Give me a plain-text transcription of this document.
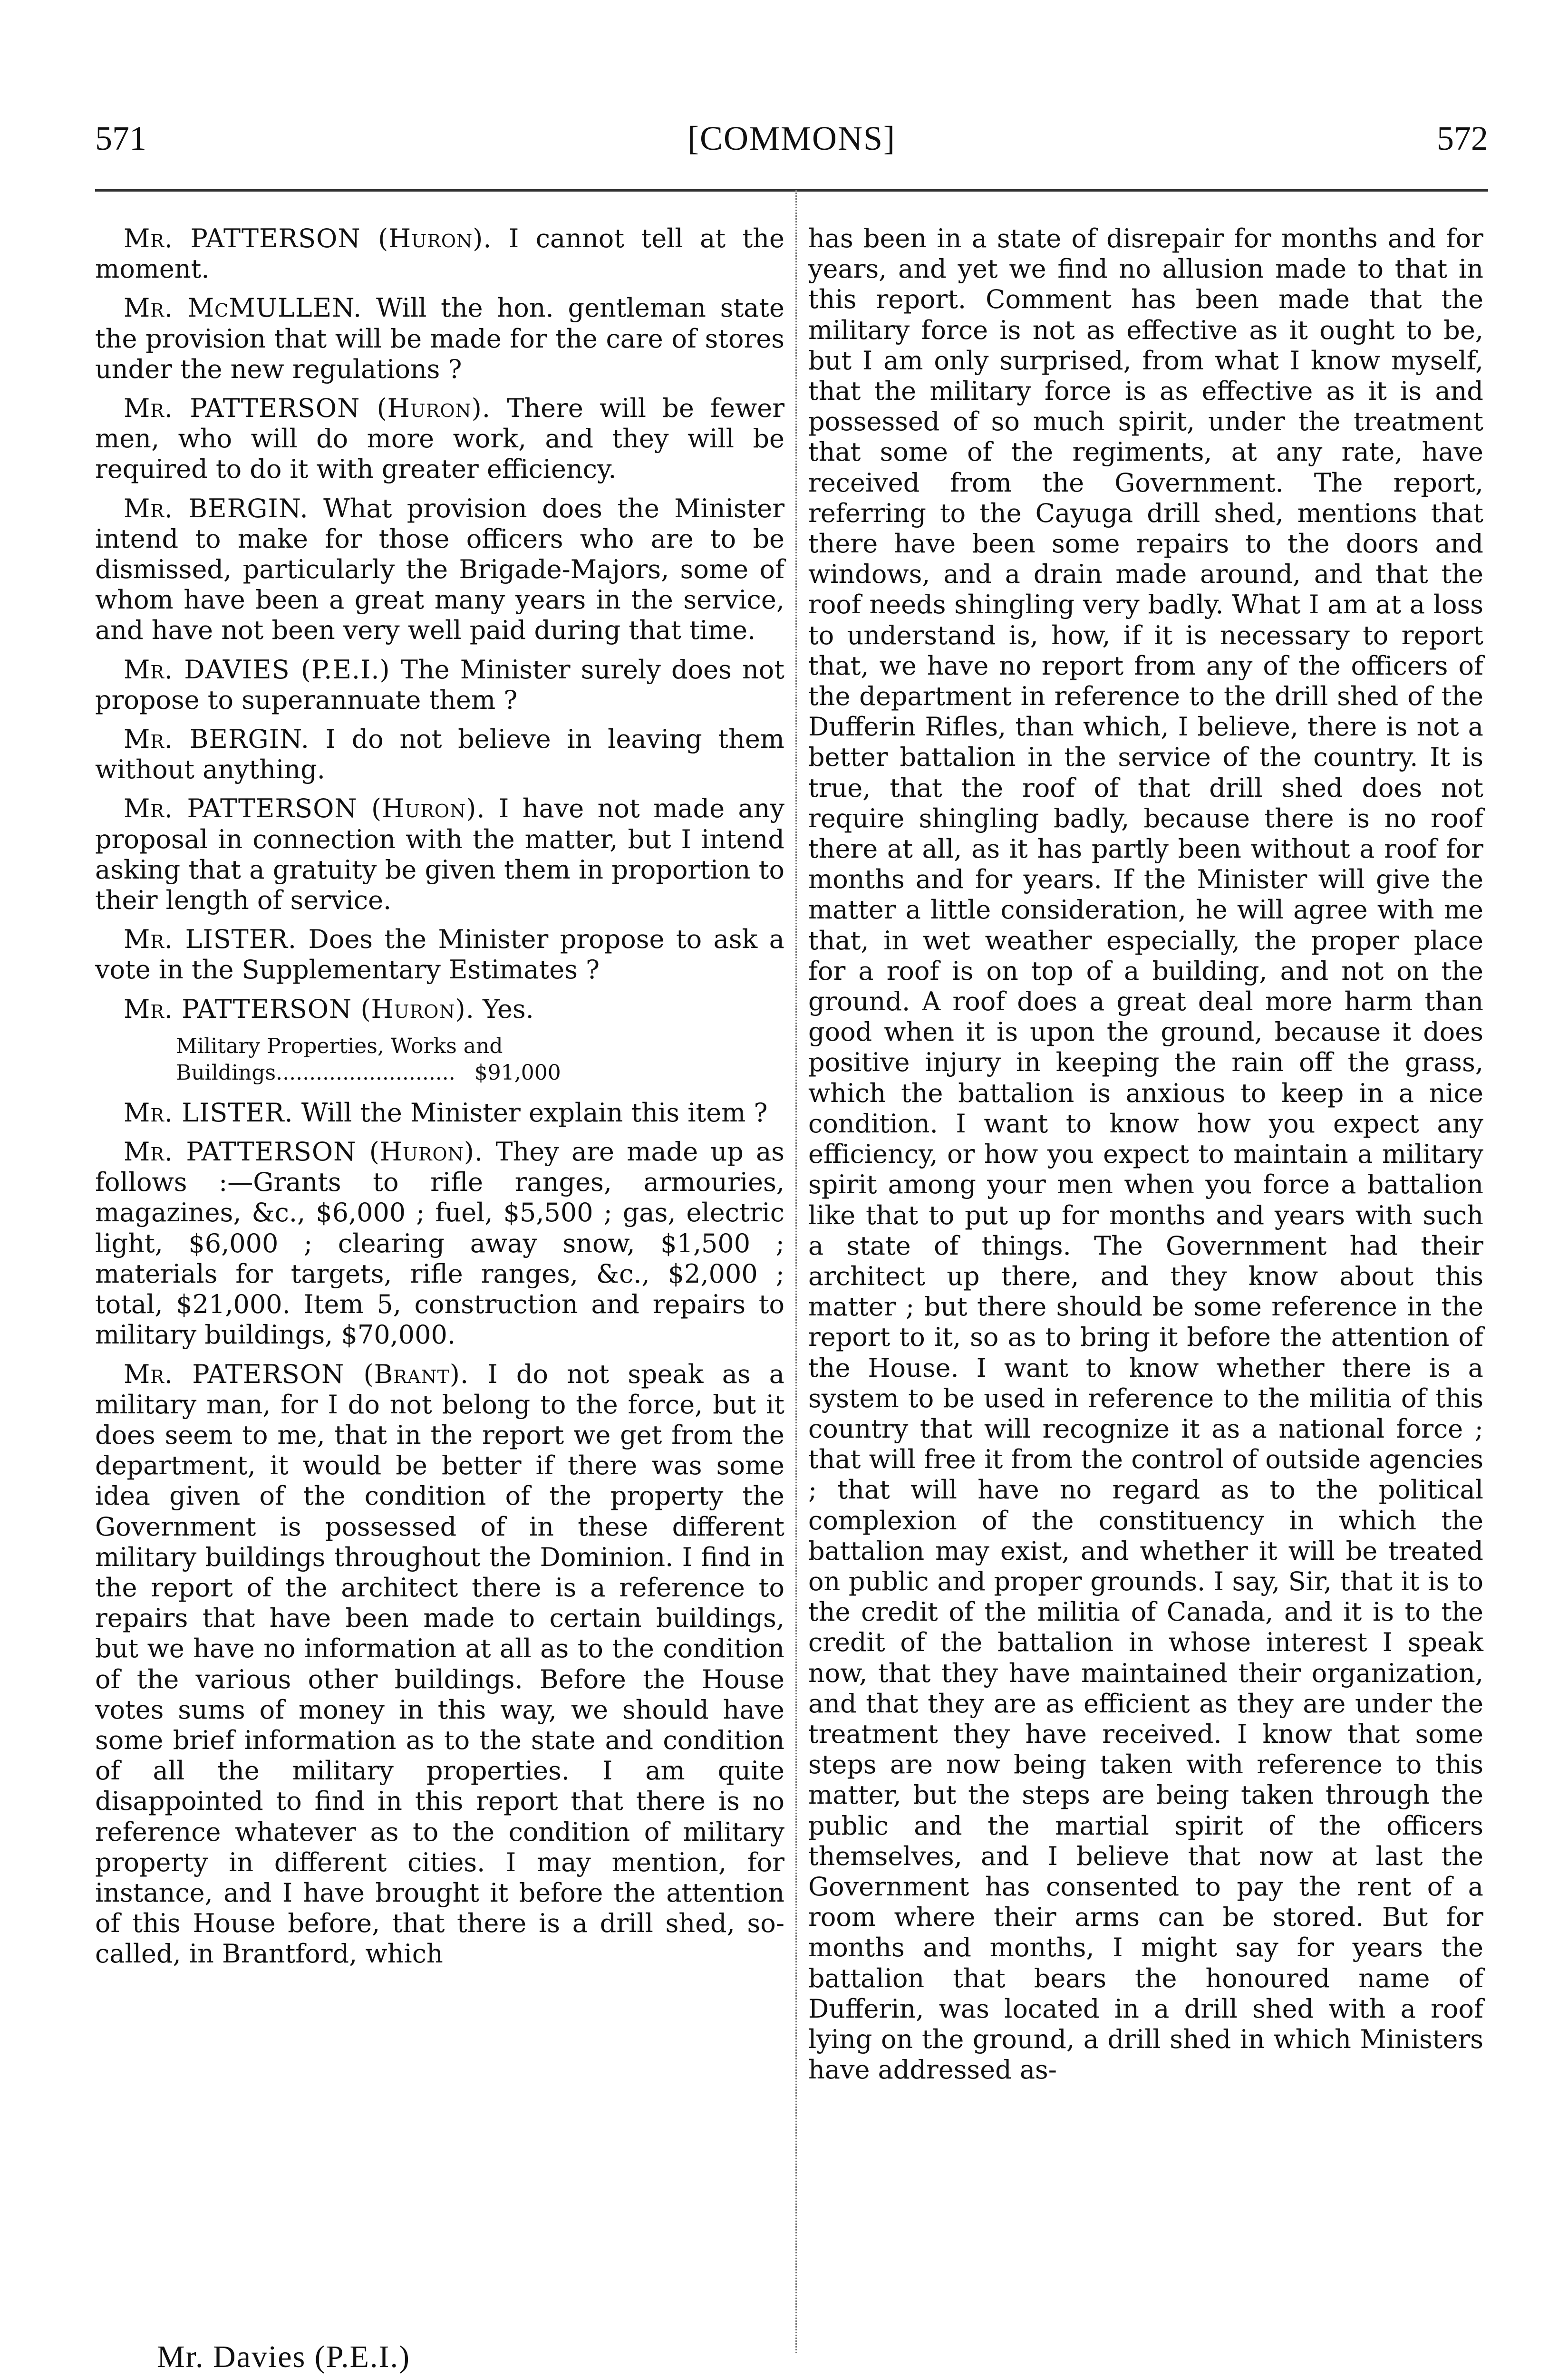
571	[COMMONS]	572

Mr. PATTERSON (Huron). I cannot tell at the moment.

Mr. McMULLEN. Will the hon. gentleman state the provision that will be made for the care of stores under the new regulations ?

Mr. PATTERSON (Huron). There will be fewer men, who will do more work, and they will be required to do it with greater efficiency.

Mr. BERGIN. What provision does the Minister intend to make for those officers who are to be dismissed, particularly the Brigade-Majors, some of whom have been a great many years in the service, and have not been very well paid during that time.

Mr. DAVIES (P.E.I.) The Minister surely does not propose to superannuate them ?

Mr. BERGIN. I do not believe in leaving them without anything.

Mr. PATTERSON (Huron). I have not made any proposal in connection with the matter, but I intend asking that a gratuity be given them in proportion to their length of service.

Mr. LISTER. Does the Minister propose to ask a vote in the Supplementary Estimates ?

Mr. PATTERSON (Huron). Yes.

Military Properties, Works and Buildings........................... $91,000

Mr. LISTER. Will the Minister explain this item ?

Mr. PATTERSON (Huron). They are made up as follows :—Grants to rifle ranges, armouries, magazines, &c., $6,000 ; fuel, $5,500 ; gas, electric light, $6,000 ; clearing away snow, $1,500 ; materials for targets, rifle ranges, &c., $2,000 ; total, $21,000. Item 5, construction and repairs to military buildings, $70,000.

Mr. PATERSON (Brant). I do not speak as a military man, for I do not belong to the force, but it does seem to me, that in the report we get from the department, it would be better if there was some idea given of the condition of the property the Government is possessed of in these different military buildings throughout the Dominion. I find in the report of the architect there is a reference to repairs that have been made to certain buildings, but we have no information at all as to the condition of the various other buildings. Before the House votes sums of money in this way, we should have some brief information as to the state and condition of all the military properties. I am quite disappointed to find in this report that there is no reference whatever as to the condition of military property in different cities. I may mention, for instance, and I have brought it before the attention of this House before, that there is a drill shed, so-called, in Brantford, which

has been in a state of disrepair for months and for years, and yet we find no allusion made to that in this report. Comment has been made that the military force is not as effective as it ought to be, but I am only surprised, from what I know myself, that the military force is as effective as it is and possessed of so much spirit, under the treatment that some of the regiments, at any rate, have received from the Government. The report, referring to the Cayuga drill shed, mentions that there have been some repairs to the doors and windows, and a drain made around, and that the roof needs shingling very badly. What I am at a loss to understand is, how, if it is necessary to report that, we have no report from any of the officers of the department in reference to the drill shed of the Dufferin Rifles, than which, I believe, there is not a better battalion in the service of the country. It is true, that the roof of that drill shed does not require shingling badly, because there is no roof there at all, as it has partly been without a roof for months and for years. If the Minister will give the matter a little consideration, he will agree with me that, in wet weather especially, the proper place for a roof is on top of a building, and not on the ground. A roof does a great deal more harm than good when it is upon the ground, because it does positive injury in keeping the rain off the grass, which the battalion is anxious to keep in a nice condition. I want to know how you expect any efficiency, or how you expect to maintain a military spirit among your men when you force a battalion like that to put up for months and years with such a state of things. The Government had their architect up there, and they know about this matter ; but there should be some reference in the report to it, so as to bring it before the attention of the House. I want to know whether there is a system to be used in reference to the militia of this country that will recognize it as a national force ; that will free it from the control of outside agencies ; that will have no regard as to the political complexion of the constituency in which the battalion may exist, and whether it will be treated on public and proper grounds. I say, Sir, that it is to the credit of the militia of Canada, and it is to the credit of the battalion in whose interest I speak now, that they have maintained their organization, and that they are as efficient as they are under the treatment they have received. I know that some steps are now being taken with reference to this matter, but the steps are being taken through the public and the martial spirit of the officers themselves, and I believe that now at last the Government has consented to pay the rent of a room where their arms can be stored. But for months and months, I might say for years the battalion that bears the honoured name of Dufferin, was located in a drill shed with a roof lying on the ground, a drill shed in which Ministers have addressed as-

Mr. Davies (P.E.I.)
